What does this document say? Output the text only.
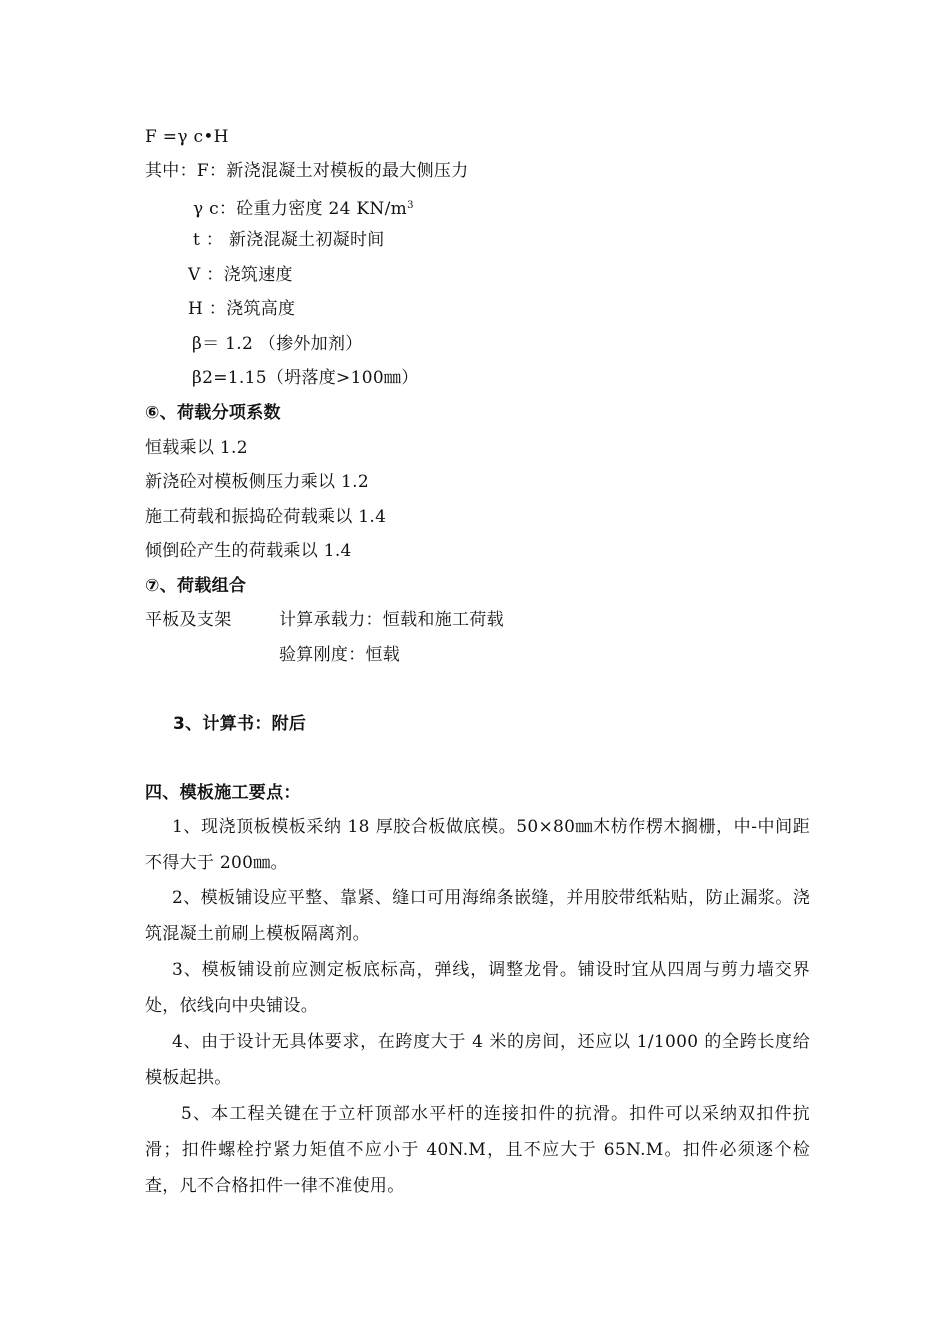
F =γ c•H
其中：F：新浇混凝土对模板的最大侧压力
γ c：砼重力密度 24 $KN/m^3$
t ： 新浇混凝土初凝时间
V ：浇筑速度
H ：浇筑高度
β＝ 1.2 （掺外加剂）
β2=1.15（坍落度>100㎜）
⑥、荷载分项系数
恒载乘以 1.2
新浇砼对模板侧压力乘以 1.2
施工荷载和振捣砼荷载乘以 1.4
倾倒砼产生的荷载乘以 1.4
⑦、荷载组合
平板及支架	计算承载力：恒载和施工荷载
验算刚度：恒载
3、计算书：附后
四、模板施工要点：
1、现浇顶板模板采纳 18 厚胶合板做底模。50×80㎜木枋作楞木搁栅，中-中间距不得大于 200㎜。
2、模板铺设应平整、靠紧、缝口可用海绵条嵌缝，并用胶带纸粘贴，防止漏浆。浇筑混凝土前刷上模板隔离剂。
3、模板铺设前应测定板底标高，弹线，调整龙骨。铺设时宜从四周与剪力墙交界处，依线向中央铺设。
4、由于设计无具体要求，在跨度大于 4 米的房间，还应以 1/1000 的全跨长度给模板起拱。
5、本工程关键在于立杆顶部水平杆的连接扣件的抗滑。扣件可以采纳双扣件抗滑；扣件螺栓拧紧力矩值不应小于 40N.M，且不应大于 65N.M。扣件必须逐个检查，凡不合格扣件一律不准使用。
